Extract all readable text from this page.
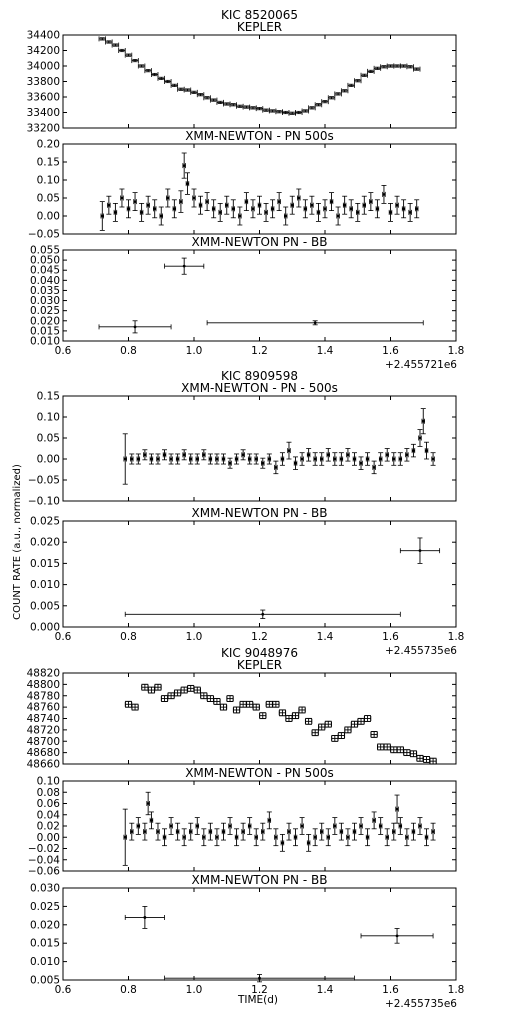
KIC 8520065
KEPLER
33200
33400
33600
33800
34000
34200
34400
XMM-NEWTON - PN 500s
−0.05
0.00
0.05
0.10
0.15
0.20
XMM-NEWTON PN - BB
0.010
0.015
0.020
0.025
0.030
0.035
0.040
0.045
0.050
0.055
0.6	0.8	1.0	1.2	1.4	1.6	1.8
+2.455721e6
KIC 8909598
XMM-NEWTON - PN - 500s
−0.10
−0.05
0.00
0.05
0.10
0.15
XMM-NEWTON PN - BB
0.000
0.005
0.010
0.015
0.020
0.025
0.6	0.8	1.0	1.2	1.4	1.6	1.8
+2.455735e6
KIC 9048976
KEPLER
48660
48680
48700
48720
48740
48760
48780
48800
48820
XMM-NEWTON - PN 500s
−0.06
−0.04
−0.02
0.00
0.02
0.04
0.06
0.08
0.10
XMM-NEWTON PN - BB
0.005
0.010
0.015
0.020
0.025
0.030
0.6	0.8	1.0	1.2	1.4	1.6	1.8
+2.455735e6
COUNT RATE (a.u., normalized)
TIME(d)
